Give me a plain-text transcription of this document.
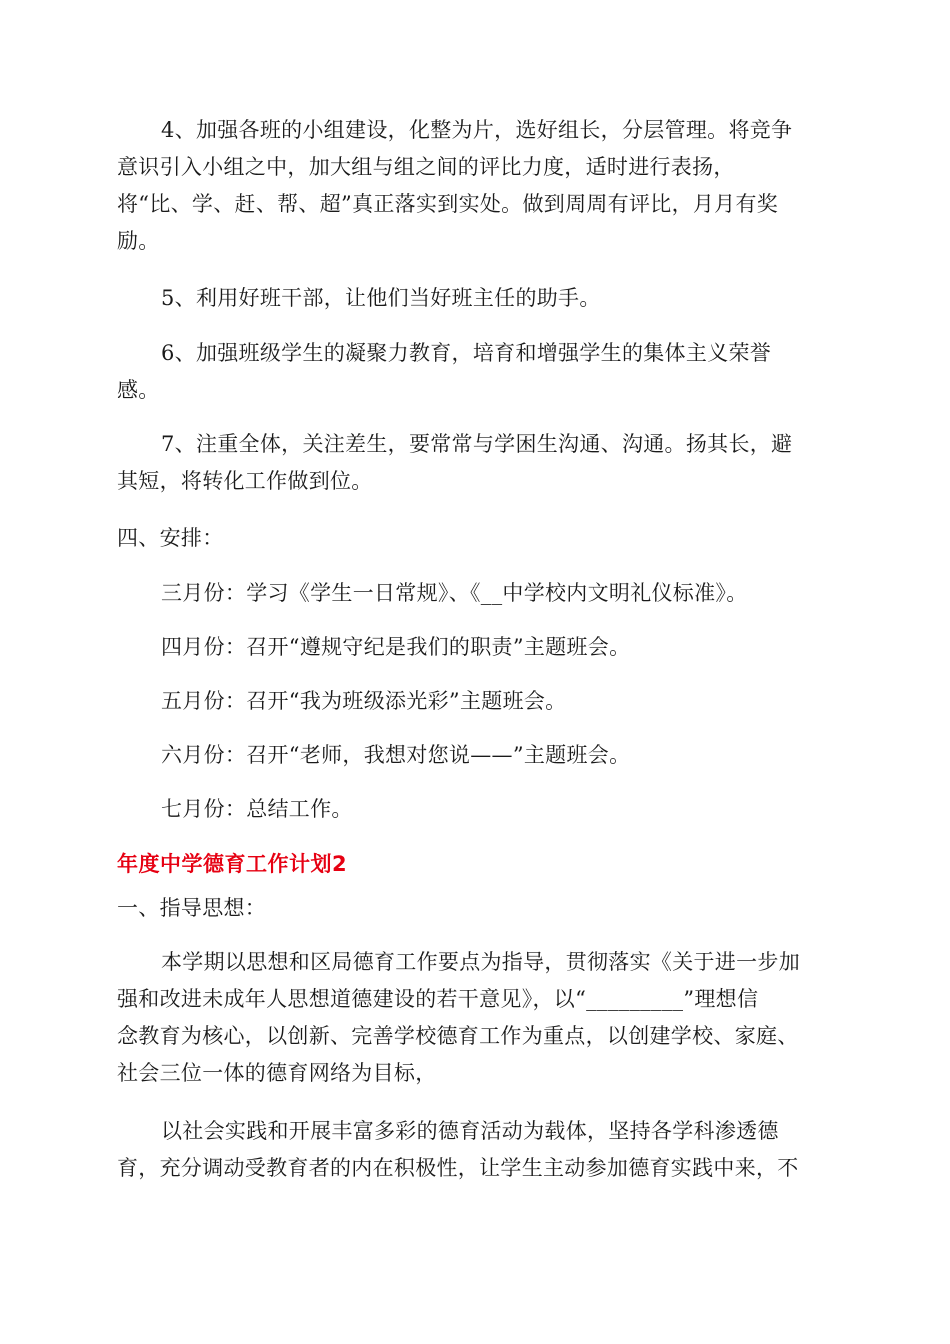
4、加强各班的小组建设，化整为片，选好组长，分层管理。将竞争
意识引入小组之中，加大组与组之间的评比力度，适时进行表扬，
将“比、学、赶、帮、超”真正落实到实处。做到周周有评比，月月有奖
励。
5、利用好班干部，让他们当好班主任的助手。
6、加强班级学生的凝聚力教育，培育和增强学生的集体主义荣誉
感。
7、注重全体，关注差生，要常常与学困生沟通、沟通。扬其长，避
其短，将转化工作做到位。
四、安排：
三月份：学习《学生一日常规》、《__中学校内文明礼仪标准》。
四月份：召开“遵规守纪是我们的职责”主题班会。
五月份：召开“我为班级添光彩”主题班会。
六月份：召开“老师，我想对您说——”主题班会。
七月份：总结工作。
年度中学德育工作计划2
一、指导思想：
本学期以思想和区局德育工作要点为指导，贯彻落实《关于进一步加
强和改进未成年人思想道德建设的若干意见》，以“_________”理想信
念教育为核心，以创新、完善学校德育工作为重点，以创建学校、家庭、
社会三位一体的德育网络为目标，
以社会实践和开展丰富多彩的德育活动为载体，坚持各学科渗透德
育，充分调动受教育者的内在积极性，让学生主动参加德育实践中来，不
